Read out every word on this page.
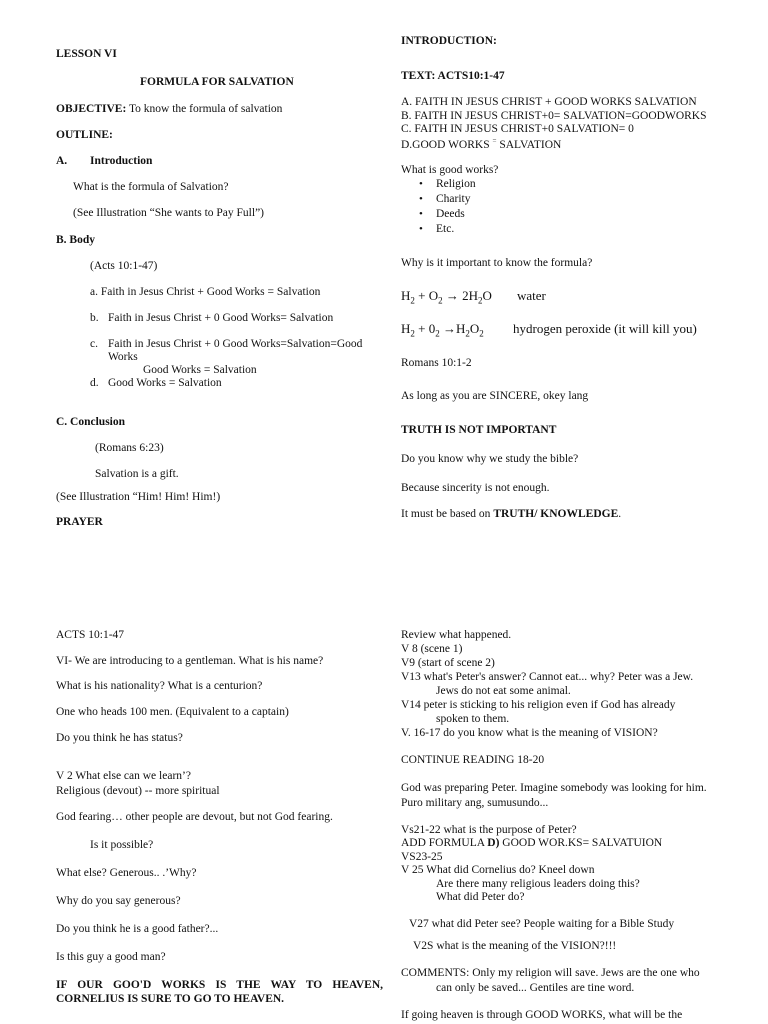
LESSON VI
FORMULA FOR SALVATION
OBJECTIVE: To know the formula of salvation
OUTLINE:
A. Introduction
What is the formula of Salvation?
(See Illustration “She wants to Pay Full”)
B. Body
(Acts 10:1-47)
a. Faith in Jesus Christ + Good Works = Salvation
b. Faith in Jesus Christ + 0 Good Works= Salvation
c. Faith in Jesus Christ + 0 Good Works=Salvation=Good
Works
Good Works = Salvation
d. Good Works = Salvation
C. Conclusion
(Romans 6:23)
Salvation is a gift.
(See Illustration “Him! Him! Him!)
PRAYER
INTRODUCTION:
TEXT: ACTS10:1-47
A. FAITH IN JESUS CHRIST + GOOD WORKS SALVATION
B. FAITH IN JESUS CHRIST+0= SALVATION=GOODWORKS
C. FAITH IN JESUS CHRIST+0 SALVATION= 0
D.GOOD WORKS = SALVATION
What is good works?
• Religion
• Charity
• Deeds
• Etc.
Why is it important to know the formula?
$H_2 + O_2 \to 2H_2O$ water
$H_2 + 0_2 \to H_2O_2$ hydrogen peroxide (it will kill you)
Romans 10:1-2
As long as you are SINCERE, okey lang
TRUTH IS NOT IMPORTANT
Do you know why we study the bible?
Because sincerity is not enough.
It must be based on TRUTH/ KNOWLEDGE.
ACTS 10:1-47
VI- We are introducing to a gentleman. What is his name?
What is his nationality? What is a centurion?
One who heads 100 men. (Equivalent to a captain)
Do you think he has status?
V 2 What else can we learn’?
Religious (devout) -- more spiritual
God fearing… other people are devout, but not God fearing.
Is it possible?
What else? Generous.. .’Why?
Why do you say generous?
Do you think he is a good father?...
Is this guy a good man?
IF OUR GOO'D WORKS IS THE WAY TO HEAVEN,
CORNELIUS IS SURE TO GO TO HEAVEN.
Review what happened.
V 8 (scene 1)
V9 (start of scene 2)
V13 what's Peter's answer? Cannot eat... why? Peter was a Jew.
Jews do not eat some animal.
V14 peter is sticking to his religion even if God has already
spoken to them.
V. 16-17 do you know what is the meaning of VISION?
CONTINUE READING 18-20
God was preparing Peter. Imagine somebody was looking for him.
Puro military ang, sumusundo...
Vs21-22 what is the purpose of Peter?
ADD FORMULA D) GOOD WOR.KS= SALVATUION
VS23-25
V 25 What did Cornelius do? Kneel down
Are there many religious leaders doing this?
What did Peter do?
V27 what did Peter see? People waiting for a Bible Study
V2S what is the meaning of the VISION?!!!
COMMENTS: Only my religion will save. Jews are the one who
can only be saved... Gentiles are tine word.
If going heaven is through GOOD WORKS, what will be the
